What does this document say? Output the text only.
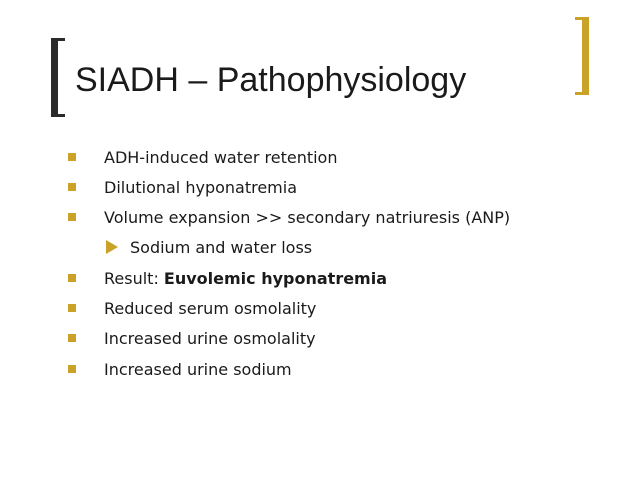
SIADH – Pathophysiology
ADH-induced water retention
Dilutional hyponatremia
Volume expansion >> secondary natriuresis (ANP)
Sodium and water loss
Result: Euvolemic hyponatremia
Reduced serum osmolality
Increased urine osmolality
Increased urine sodium
